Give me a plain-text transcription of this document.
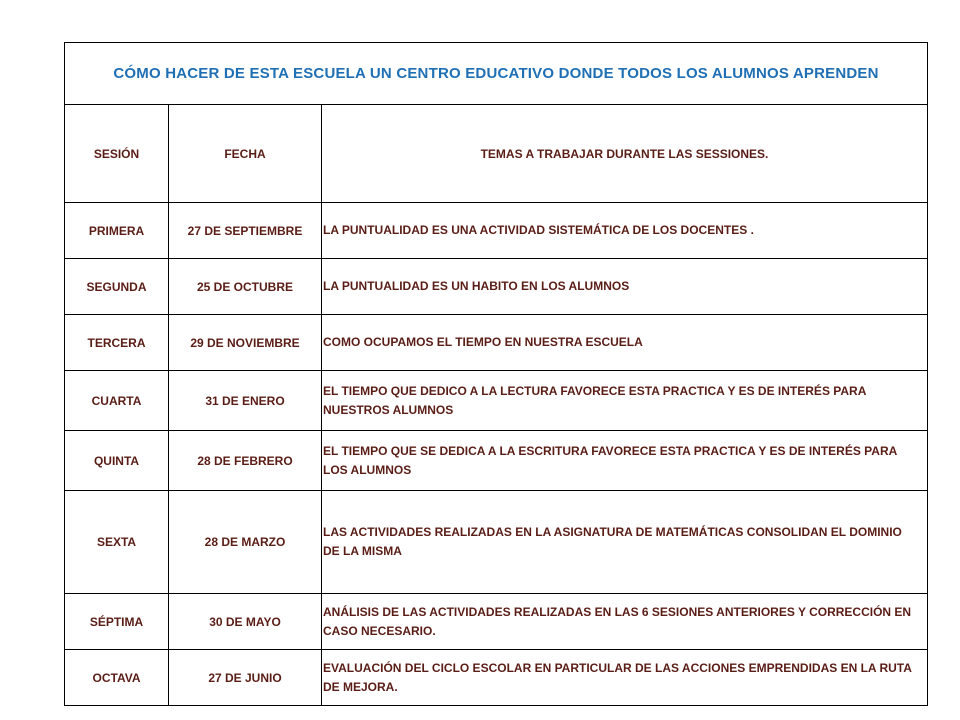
CÓMO HACER DE ESTA ESCUELA UN CENTRO EDUCATIVO DONDE TODOS LOS ALUMNOS APRENDEN		
SESIÓN	FECHA	TEMAS A TRABAJAR DURANTE LAS SESSIONES.
PRIMERA	27 DE SEPTIEMBRE	LA PUNTUALIDAD ES UNA ACTIVIDAD SISTEMÁTICA DE LOS DOCENTES .
SEGUNDA	25 DE OCTUBRE	LA PUNTUALIDAD ES UN HABITO EN LOS ALUMNOS
TERCERA	29 DE NOVIEMBRE	COMO OCUPAMOS EL TIEMPO EN NUESTRA ESCUELA
CUARTA	31 DE ENERO	EL TIEMPO QUE DEDICO A LA LECTURA FAVORECE ESTA PRACTICA Y ES DE INTERÉS PARA NUESTROS ALUMNOS
QUINTA	28 DE FEBRERO	EL TIEMPO QUE SE DEDICA A LA ESCRITURA FAVORECE ESTA PRACTICA Y ES DE INTERÉS PARA LOS ALUMNOS
SEXTA	28 DE MARZO	LAS ACTIVIDADES REALIZADAS EN LA ASIGNATURA DE MATEMÁTICAS CONSOLIDAN EL DOMINIO DE LA MISMA
SÉPTIMA	30 DE MAYO	ANÁLISIS DE LAS ACTIVIDADES REALIZADAS EN LAS 6 SESIONES ANTERIORES Y CORRECCIÓN EN CASO NECESARIO.
OCTAVA	27 DE JUNIO	EVALUACIÓN DEL CICLO ESCOLAR EN PARTICULAR DE LAS ACCIONES EMPRENDIDAS EN LA RUTA DE MEJORA.
